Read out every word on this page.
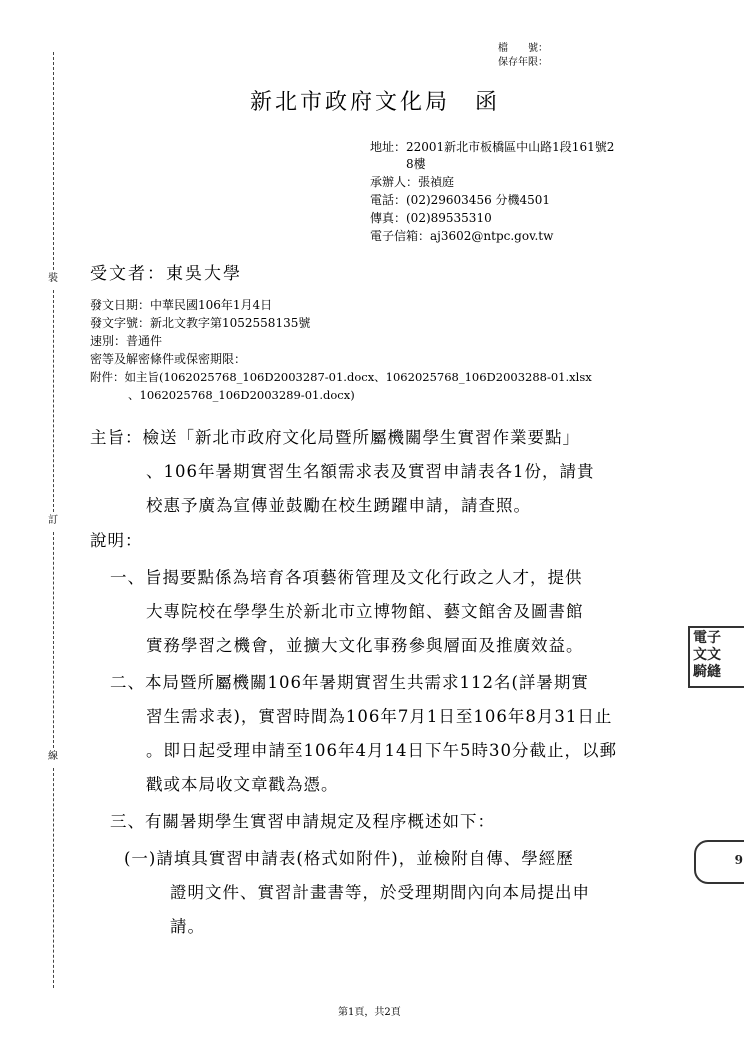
裝
訂
線
檔　　號：
保存年限：
新北市政府文化局　函
地址：22001新北市板橋區中山路1段161號2
8樓
承辦人：張禎庭
電話：(02)29603456 分機4501
傳真：(02)89535310
電子信箱：aj3602@ntpc.gov.tw
受文者：東吳大學
發文日期：中華民國106年1月4日
發文字號：新北文教字第1052558135號
速別：普通件
密等及解密條件或保密期限：
附件：如主旨(1062025768_106D2003287-01.docx、1062025768_106D2003288-01.xlsx
、1062025768_106D2003289-01.docx)
主旨：檢送「新北市政府文化局暨所屬機關學生實習作業要點」
、106年暑期實習生名額需求表及實習申請表各1份，請貴
校惠予廣為宣傳並鼓勵在校生踴躍申請，請查照。
說明：
一、旨揭要點係為培育各項藝術管理及文化行政之人才，提供
大專院校在學學生於新北市立博物館、藝文館舍及圖書館
實務學習之機會，並擴大文化事務參與層面及推廣效益。
二、本局暨所屬機關106年暑期實習生共需求112名(詳暑期實
習生需求表)，實習時間為106年7月1日至106年8月31日止
。即日起受理申請至106年4月14日下午5時30分截止，以郵
戳或本局收文章戳為憑。
三、有關暑期學生實習申請規定及程序概述如下：
(一)請填具實習申請表(格式如附件)，並檢附自傳、學經歷
證明文件、實習計畫書等，於受理期間內向本局提出申
請。
電子
文文
騎縫
9
第1頁，共2頁
